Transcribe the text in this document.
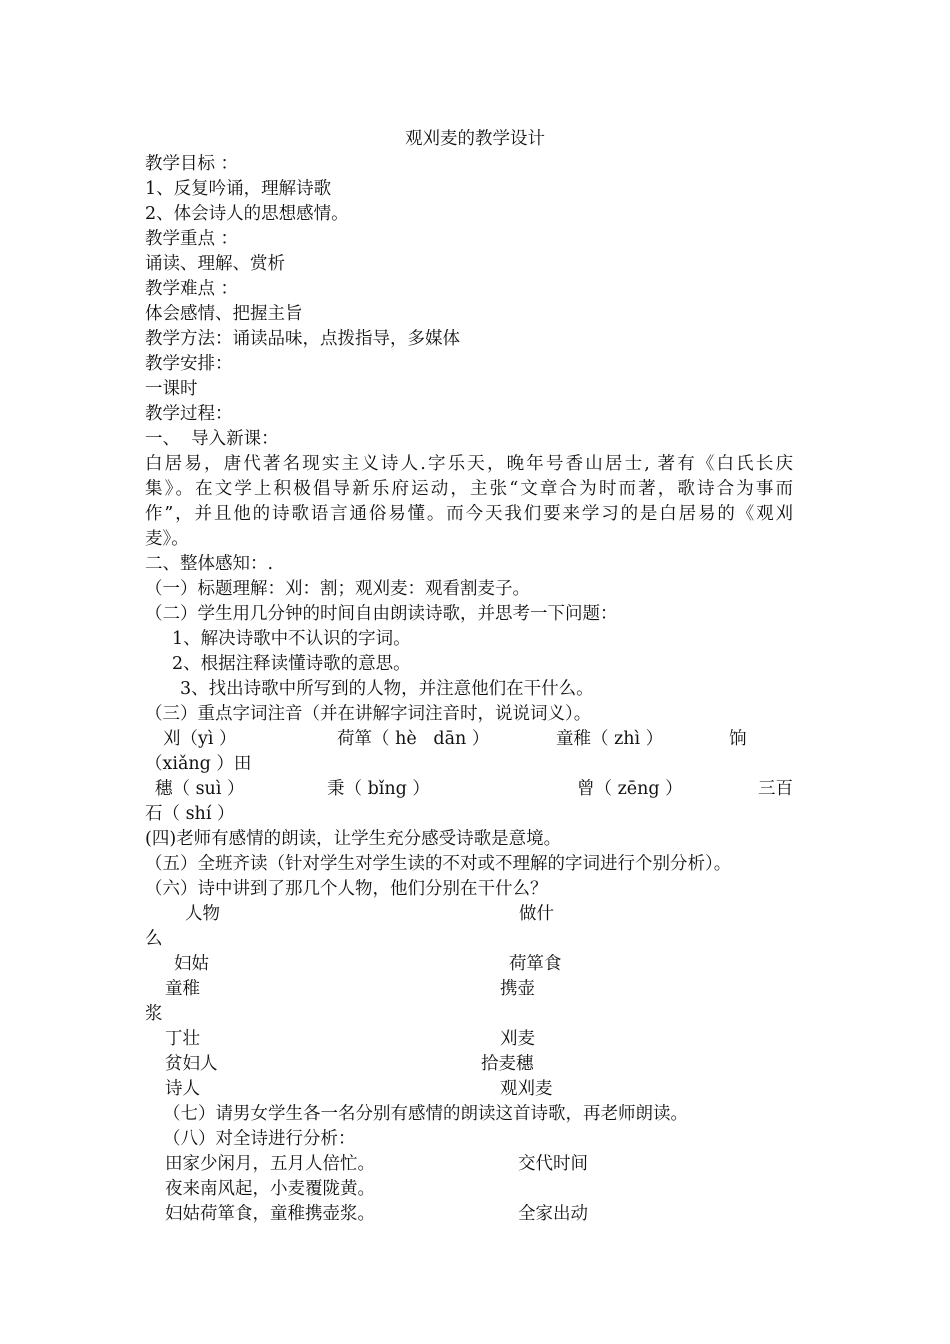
观刈麦的教学设计
教学目标 ：
1、反复吟诵，理解诗歌
2、体会诗人的思想感情。
教学重点 ：
诵读、理解、赏析
教学难点 ：
体会感情、把握主旨
教学方法：诵读品味，点拨指导，多媒体
教学安排：
一课时
教学过程：
一、  导入新课：
白居易，唐代著名现实主义诗人.字乐天，晚年号香山居士, 著有《白氏长庆
集》。在文学上积极倡导新乐府运动，主张“文章合为时而著，歌诗合为事而
作”，并且他的诗歌语言通俗易懂。而今天我们要来学习的是白居易的《观刈
麦》。
二、整体感知：.
（一）标题理解：刈：割；观刈麦：观看割麦子。
（二）学生用几分钟的时间自由朗读诗歌，并思考一下问题：
1、解决诗歌中不认识的字词。
2、根据注释读懂诗歌的意思。
3、找出诗歌中所写到的人物，并注意他们在干什么。
（三）重点字词注音（并在讲解字词注音时，说说词义）。
刈（yì ）	荷箪（ hè   dān ）	童稚（ zhì ）	饷
（xiǎng ）田
穗（ suì ）	秉（ bǐng ）	曾（ zēng ）	三百
石（ shí ）
(四)老师有感情的朗读，让学生充分感受诗歌是意境。
（五）全班齐读（针对学生对学生读的不对或不理解的字词进行个别分析）。
（六）诗中讲到了那几个人物，他们分别在干什么？
人物	做什
么
妇姑	荷箪食
童稚	携壶
浆
丁壮	刈麦
贫妇人	拾麦穗
诗人	观刈麦
（七）请男女学生各一名分别有感情的朗读这首诗歌，再老师朗读。
（八）对全诗进行分析：
田家少闲月，五月人倍忙。	交代时间
夜来南风起，小麦覆陇黄。
妇姑荷箪食，童稚携壶浆。	全家出动
